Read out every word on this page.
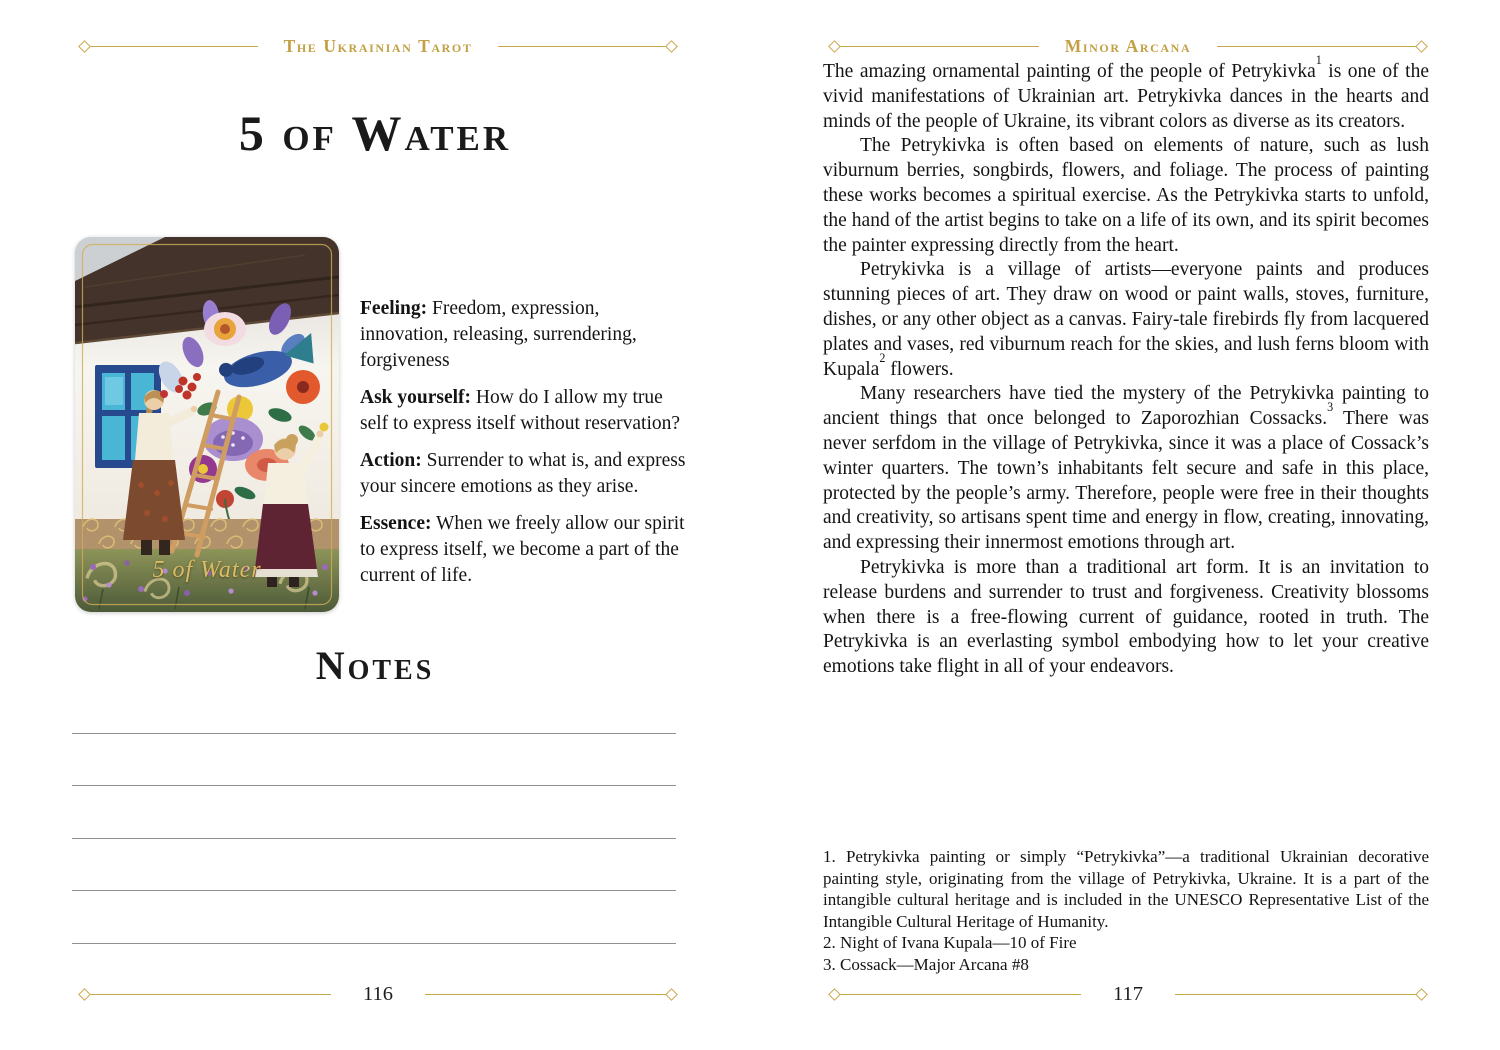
The Ukrainian Tarot
5 of Water
5 of Water

Feeling: Freedom, expression, innovation, releasing, surrendering, forgiveness

Ask yourself: How do I allow my true self to express itself without reservation?

Action: Surrender to what is, and express your sincere emotions as they arise.

Essence: When we freely allow our spirit to express itself, we become a part of the current of life.

Notes
116
Minor Arcana

The amazing ornamental painting of the people of Petrykivka$^1$ is one of the vivid manifestations of Ukrainian art. Petrykivka dances in the hearts and minds of the people of Ukraine, its vibrant colors as diverse as its creators.

The Petrykivka is often based on elements of nature, such as lush viburnum berries, songbirds, flowers, and foliage. The process of painting these works becomes a spiritual exercise. As the Petrykivka starts to unfold, the hand of the artist begins to take on a life of its own, and its spirit becomes the painter expressing directly from the heart.

Petrykivka is a village of artists—everyone paints and produces stunning pieces of art. They draw on wood or paint walls, stoves, furniture, dishes, or any other object as a canvas. Fairy-tale firebirds fly from lacquered plates and vases, red viburnum reach for the skies, and lush ferns bloom with Kupala$^2$ flowers.

Many researchers have tied the mystery of the Petrykivka painting to ancient things that once belonged to Zaporozhian Cossacks.$^3$ There was never serfdom in the village of Petrykivka, since it was a place of Cossack’s winter quarters. The town’s inhabitants felt secure and safe in this place, protected by the people’s army. Therefore, people were free in their thoughts and creativity, so artisans spent time and energy in flow, creating, innovating, and expressing their innermost emotions through art.

Petrykivka is more than a traditional art form. It is an invitation to release burdens and surrender to trust and forgiveness. Creativity blossoms when there is a free-flowing current of guidance, rooted in truth. The Petrykivka is an everlasting symbol embodying how to let your creative emotions take flight in all of your endeavors.

1. Petrykivka painting or simply “Petrykivka”—a traditional Ukrainian decorative painting style, originating from the village of Petrykivka, Ukraine. It is a part of the intangible cultural heritage and is included in the UNESCO Representative List of the Intangible Cultural Heritage of Humanity.

2. Night of Ivana Kupala—10 of Fire

3. Cossack—Major Arcana #8

117
